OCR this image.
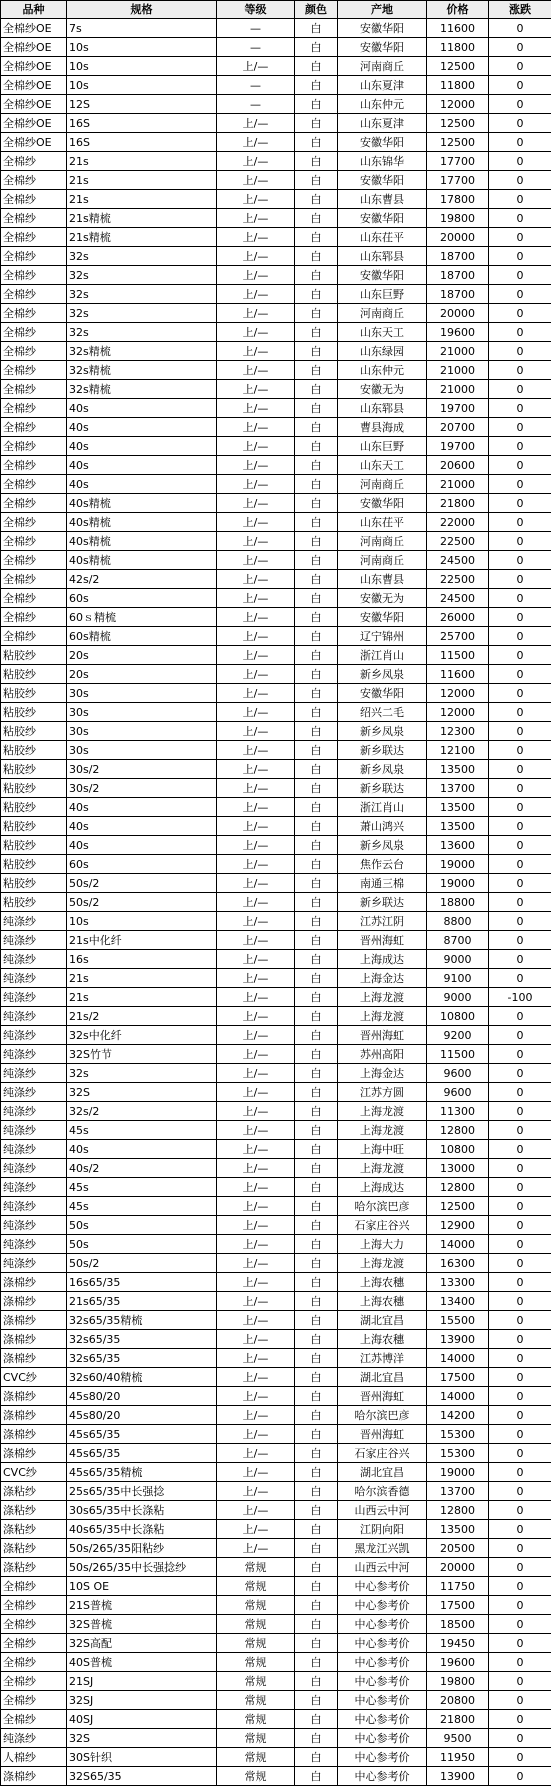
品种	规格	等级	颜色	产地	价格	涨跌
全棉纱OE	7s	—	白	安徽华阳	11600	0
全棉纱OE	10s	—	白	安徽华阳	11800	0
全棉纱OE	10s	上/—	白	河南商丘	12500	0
全棉纱OE	10s	—	白	山东夏津	11800	0
全棉纱OE	12S	—	白	山东仲元	12000	0
全棉纱OE	16S	上/—	白	山东夏津	12500	0
全棉纱OE	16S	上/—	白	安徽华阳	12500	0
全棉纱	21s	上/—	白	山东锦华	17700	0
全棉纱	21s	上/—	白	安徽华阳	17700	0
全棉纱	21s	上/—	白	山东曹县	17800	0
全棉纱	21s精梳	上/—	白	安徽华阳	19800	0
全棉纱	21s精梳	上/—	白	山东茌平	20000	0
全棉纱	32s	上/—	白	山东郓县	18700	0
全棉纱	32s	上/—	白	安徽华阳	18700	0
全棉纱	32s	上/—	白	山东巨野	18700	0
全棉纱	32s	上/—	白	河南商丘	20000	0
全棉纱	32s	上/—	白	山东天工	19600	0
全棉纱	32s精梳	上/—	白	山东绿园	21000	0
全棉纱	32s精梳	上/—	白	山东仲元	21000	0
全棉纱	32s精梳	上/—	白	安徽无为	21000	0
全棉纱	40s	上/—	白	山东郓县	19700	0
全棉纱	40s	上/—	白	曹县海成	20700	0
全棉纱	40s	上/—	白	山东巨野	19700	0
全棉纱	40s	上/—	白	山东天工	20600	0
全棉纱	40s	上/—	白	河南商丘	21000	0
全棉纱	40s精梳	上/—	白	安徽华阳	21800	0
全棉纱	40s精梳	上/—	白	山东茌平	22000	0
全棉纱	40s精梳	上/—	白	河南商丘	22500	0
全棉纱	40s精梳	上/—	白	河南商丘	24500	0
全棉纱	42s/2	上/—	白	山东曹县	22500	0
全棉纱	60s	上/—	白	安徽无为	24500	0
全棉纱	60ｓ精梳	上/—	白	安徽华阳	26000	0
全棉纱	60s精梳	上/—	白	辽宁锦州	25700	0
粘胶纱	20s	上/—	白	浙江肖山	11500	0
粘胶纱	20s	上/—	白	新乡凤泉	11600	0
粘胶纱	30s	上/—	白	安徽华阳	12000	0
粘胶纱	30s	上/—	白	绍兴二毛	12000	0
粘胶纱	30s	上/—	白	新乡凤泉	12300	0
粘胶纱	30s	上/—	白	新乡联达	12100	0
粘胶纱	30s/2	上/—	白	新乡凤泉	13500	0
粘胶纱	30s/2	上/—	白	新乡联达	13700	0
粘胶纱	40s	上/—	白	浙江肖山	13500	0
粘胶纱	40s	上/—	白	萧山鸿兴	13500	0
粘胶纱	40s	上/—	白	新乡凤泉	13600	0
粘胶纱	60s	上/—	白	焦作云台	19000	0
粘胶纱	50s/2	上/—	白	南通三棉	19000	0
粘胶纱	50s/2	上/—	白	新乡联达	18800	0
纯涤纱	10s	上/—	白	江苏江阴	8800	0
纯涤纱	21s中化纤	上/—	白	晋州海虹	8700	0
纯涤纱	16s	上/—	白	上海成达	9000	0
纯涤纱	21s	上/—	白	上海金达	9100	0
纯涤纱	21s	上/—	白	上海龙渡	9000	-100
纯涤纱	21s/2	上/—	白	上海龙渡	10800	0
纯涤纱	32s中化纤	上/—	白	晋州海虹	9200	0
纯涤纱	32S竹节	上/—	白	苏州高阳	11500	0
纯涤纱	32s	上/—	白	上海金达	9600	0
纯涤纱	32S	上/—	白	江苏方圆	9600	0
纯涤纱	32s/2	上/—	白	上海龙渡	11300	0
纯涤纱	45s	上/—	白	上海龙渡	12800	0
纯涤纱	40s	上/—	白	上海中旺	10800	0
纯涤纱	40s/2	上/—	白	上海龙渡	13000	0
纯涤纱	45s	上/—	白	上海成达	12800	0
纯涤纱	45s	上/—	白	哈尔滨巴彦	12500	0
纯涤纱	50s	上/—	白	石家庄谷兴	12900	0
纯涤纱	50s	上/—	白	上海大力	14000	0
纯涤纱	50s/2	上/—	白	上海龙渡	16300	0
涤棉纱	16s65/35	上/—	白	上海农穗	13300	0
涤棉纱	21s65/35	上/—	白	上海农穗	13400	0
涤棉纱	32s65/35精梳	上/—	白	湖北宜昌	15500	0
涤棉纱	32s65/35	上/—	白	上海农穗	13900	0
涤棉纱	32s65/35	上/—	白	江苏博洋	14000	0
CVC纱	32s60/40精梳	上/—	白	湖北宜昌	17500	0
涤棉纱	45s80/20	上/—	白	晋州海虹	14000	0
涤棉纱	45s80/20	上/—	白	哈尔滨巴彦	14200	0
涤棉纱	45s65/35	上/—	白	晋州海虹	15300	0
涤棉纱	45s65/35	上/—	白	石家庄谷兴	15300	0
CVC纱	45s65/35精梳	上/—	白	湖北宜昌	19000	0
涤粘纱	25s65/35中长强捻	上/—	白	哈尔滨香德	13700	0
涤粘纱	30s65/35中长涤粘	上/—	白	山西云中河	12800	0
涤粘纱	40s65/35中长涤粘	上/—	白	江阴向阳	13500	0
涤粘纱	50s/265/35阳粘纱	上/—	白	黑龙江兴凯	20500	0
涤粘纱	50s/265/35中长强捻纱	常规	白	山西云中河	20000	0
全棉纱	10S OE	常规	白	中心参考价	11750	0
全棉纱	21S普梳	常规	白	中心参考价	17500	0
全棉纱	32S普梳	常规	白	中心参考价	18500	0
全棉纱	32S高配	常规	白	中心参考价	19450	0
全棉纱	40S普梳	常规	白	中心参考价	19600	0
全棉纱	21SJ	常规	白	中心参考价	19800	0
全棉纱	32SJ	常规	白	中心参考价	20800	0
全棉纱	40SJ	常规	白	中心参考价	21800	0
纯涤纱	32S	常规	白	中心参考价	9500	0
人棉纱	30S针织	常规	白	中心参考价	11950	0
涤棉纱	32S65/35	常规	白	中心参考价	13900	0
